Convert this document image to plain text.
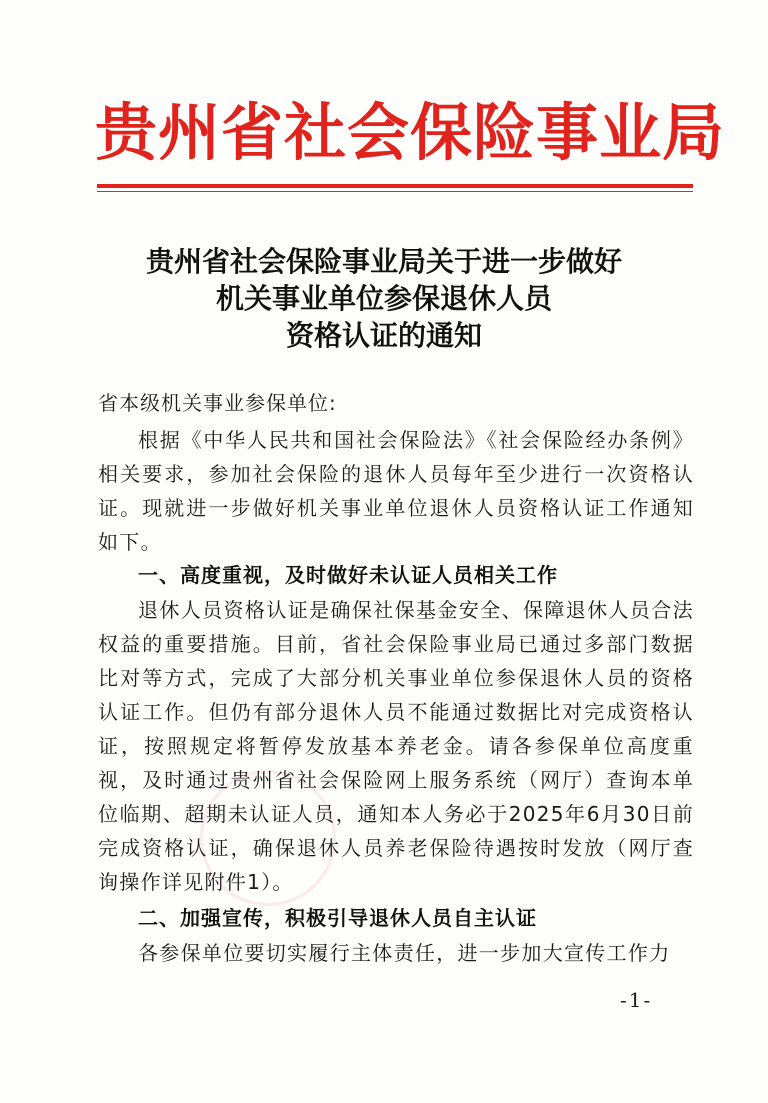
贵州省社会保险事业局
贵州省社会保险事业局关于进一步做好
机关事业单位参保退休人员
资格认证的通知
省本级机关事业参保单位:
根据《中华人民共和国社会保险法》《社会保险经办条例》相关要求，参加社会保险的退休人员每年至少进行一次资格认证。现就进一步做好机关事业单位退休人员资格认证工作通知如下。
一、高度重视，及时做好未认证人员相关工作
退休人员资格认证是确保社保基金安全、保障退休人员合法权益的重要措施。目前，省社会保险事业局已通过多部门数据比对等方式，完成了大部分机关事业单位参保退休人员的资格认证工作。但仍有部分退休人员不能通过数据比对完成资格认证，按照规定将暂停发放基本养老金。请各参保单位高度重视，及时通过贵州省社会保险网上服务系统（网厅）查询本单位临期、超期未认证人员，通知本人务必于2025年6月30日前完成资格认证，确保退休人员养老保险待遇按时发放（网厅查询操作详见附件1）。
二、加强宣传，积极引导退休人员自主认证
各参保单位要切实履行主体责任，进一步加大宣传工作力
-1-
